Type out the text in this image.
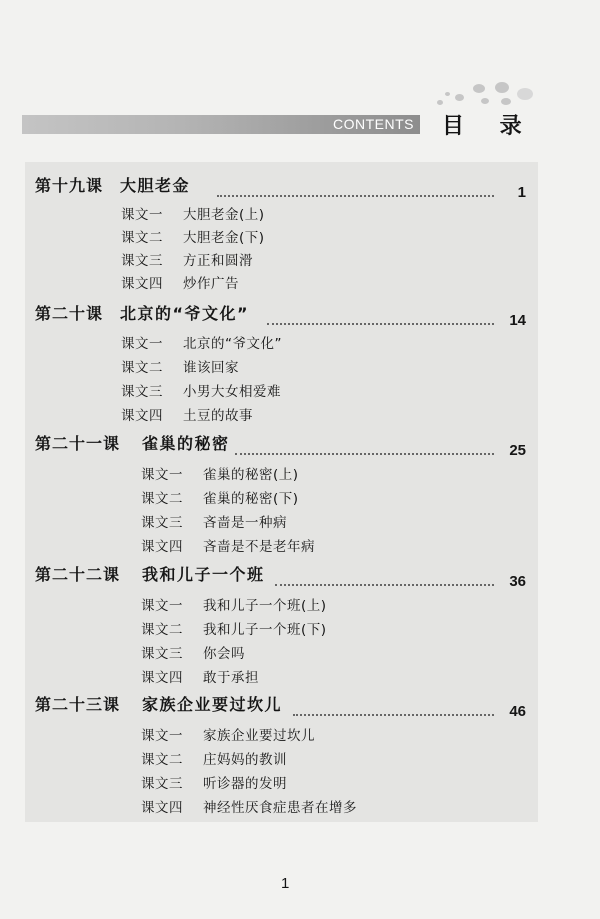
CONTENTS 目 录
第十九课 大胆老金	1
课文一 大胆老金(上)
课文二 大胆老金(下)
课文三 方正和圆滑
课文四 炒作广告
第二十课 北京的“爷文化”	14
课文一 北京的“爷文化”
课文二 谁该回家
课文三 小男大女相爱难
课文四 土豆的故事
第二十一课 雀巢的秘密	25
课文一 雀巢的秘密(上)
课文二 雀巢的秘密(下)
课文三 吝啬是一种病
课文四 吝啬是不是老年病
第二十二课 我和儿子一个班	36
课文一 我和儿子一个班(上)
课文二 我和儿子一个班(下)
课文三 你会吗
课文四 敢于承担
第二十三课 家族企业要过坎儿	46
课文一 家族企业要过坎儿
课文二 庄妈妈的教训
课文三 听诊器的发明
课文四 神经性厌食症患者在增多
1
